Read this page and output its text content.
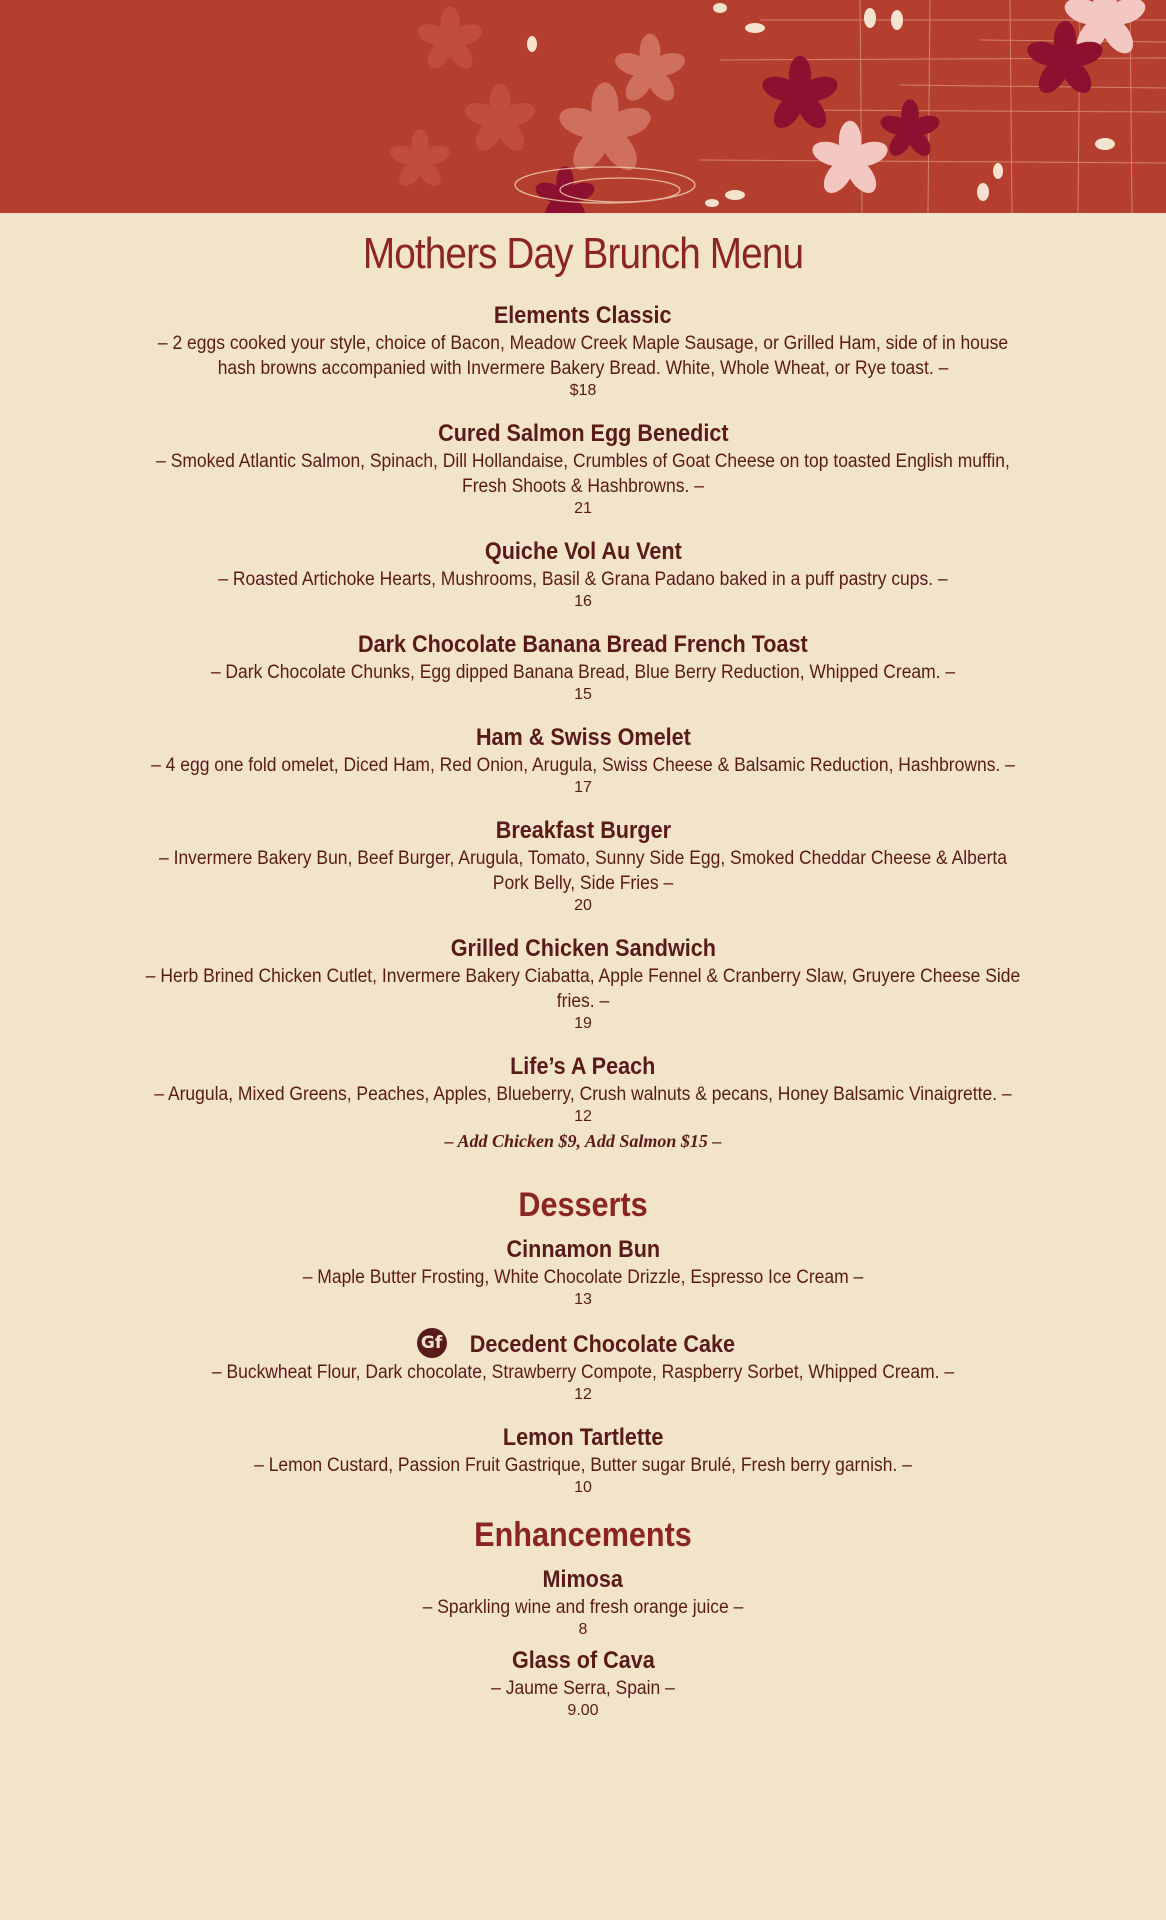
Mothers Day Brunch Menu
Elements Classic
– 2 eggs cooked your style, choice of Bacon, Meadow Creek Maple Sausage, or Grilled Ham, side of in house hash browns accompanied with Invermere Bakery Bread. White, Whole Wheat, or Rye toast. –
$18
Cured Salmon Egg Benedict
– Smoked Atlantic Salmon, Spinach, Dill Hollandaise, Crumbles of Goat Cheese on top toasted English muffin, Fresh Shoots & Hashbrowns. –
21
Quiche Vol Au Vent
– Roasted Artichoke Hearts, Mushrooms, Basil & Grana Padano baked in a puff pastry cups. –
16
Dark Chocolate Banana Bread French Toast
– Dark Chocolate Chunks, Egg dipped Banana Bread, Blue Berry Reduction, Whipped Cream. –
15
Ham & Swiss Omelet
– 4 egg one fold omelet, Diced Ham, Red Onion, Arugula, Swiss Cheese & Balsamic Reduction, Hashbrowns. –
17
Breakfast Burger
– Invermere Bakery Bun, Beef Burger, Arugula, Tomato, Sunny Side Egg, Smoked Cheddar Cheese & Alberta Pork Belly, Side Fries –
20
Grilled Chicken Sandwich
– Herb Brined Chicken Cutlet, Invermere Bakery Ciabatta, Apple Fennel & Cranberry Slaw, Gruyere Cheese Side fries. –
19
Life’s A Peach
– Arugula, Mixed Greens, Peaches, Apples, Blueberry, Crush walnuts & pecans, Honey Balsamic Vinaigrette. –
12
– Add Chicken $9, Add Salmon $15 –
Desserts
Cinnamon Bun
– Maple Butter Frosting, White Chocolate Drizzle, Espresso Ice Cream –
13
Gf Decedent Chocolate Cake
– Buckwheat Flour, Dark chocolate, Strawberry Compote, Raspberry Sorbet, Whipped Cream. –
12
Lemon Tartlette
– Lemon Custard, Passion Fruit Gastrique, Butter sugar Brulé, Fresh berry garnish. –
10
Enhancements
Mimosa
– Sparkling wine and fresh orange juice –
8
Glass of Cava
– Jaume Serra, Spain –
9.00
